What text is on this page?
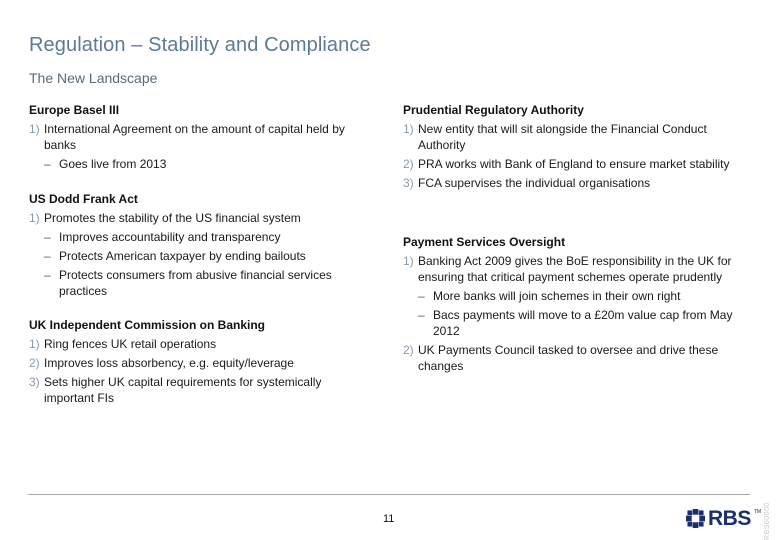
Regulation – Stability and Compliance
The New Landscape
Europe Basel III
1) International Agreement on the amount of capital held by banks
– Goes live from 2013
US Dodd Frank Act
1) Promotes the stability of the US financial system
– Improves accountability and transparency
– Protects American taxpayer by ending bailouts
– Protects consumers from abusive financial services practices
UK Independent Commission on Banking
1) Ring fences UK retail operations
2) Improves loss absorbency, e.g. equity/leverage
3) Sets higher UK capital requirements for systemically important FIs
Prudential Regulatory Authority
1) New entity that will sit alongside the Financial Conduct Authority
2) PRA works with Bank of England to ensure market stability
3) FCA supervises the individual organisations
Payment Services Oversight
1) Banking Act 2009 gives the BoE responsibility in the UK for ensuring that critical payment schemes operate prudently
– More banks will join schemes in their own right
– Bacs payments will move to a £20m value cap from May 2012
2) UK Payments Council tasked to oversee and drive these changes
11	RBS TM RBS00000
